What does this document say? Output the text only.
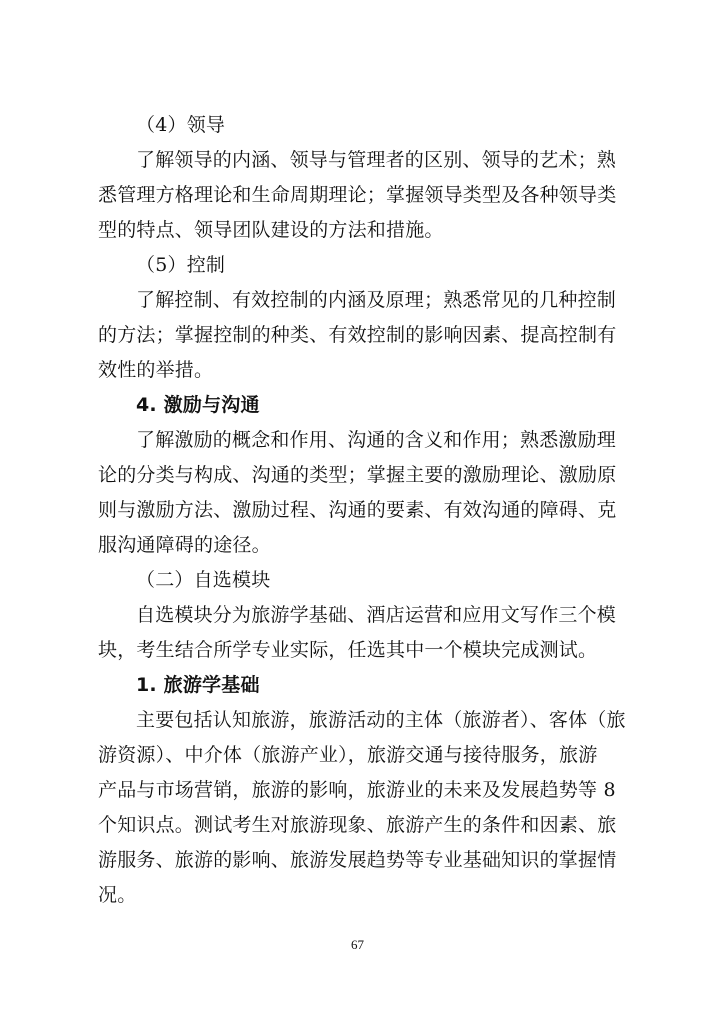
（4）领导
了解领导的内涵、领导与管理者的区别、领导的艺术；熟
悉管理方格理论和生命周期理论；掌握领导类型及各种领导类
型的特点、领导团队建设的方法和措施。
（5）控制
了解控制、有效控制的内涵及原理；熟悉常见的几种控制
的方法；掌握控制的种类、有效控制的影响因素、提高控制有
效性的举措。
4. 激励与沟通
了解激励的概念和作用、沟通的含义和作用；熟悉激励理
论的分类与构成、沟通的类型；掌握主要的激励理论、激励原
则与激励方法、激励过程、沟通的要素、有效沟通的障碍、克
服沟通障碍的途径。
（二）自选模块
自选模块分为旅游学基础、酒店运营和应用文写作三个模
块，考生结合所学专业实际，任选其中一个模块完成测试。
1. 旅游学基础
主要包括认知旅游，旅游活动的主体（旅游者）、客体（旅
游资源）、中介体（旅游产业），旅游交通与接待服务，旅游
产品与市场营销，旅游的影响，旅游业的未来及发展趋势等 8
个知识点。测试考生对旅游现象、旅游产生的条件和因素、旅
游服务、旅游的影响、旅游发展趋势等专业基础知识的掌握情
况。
67
